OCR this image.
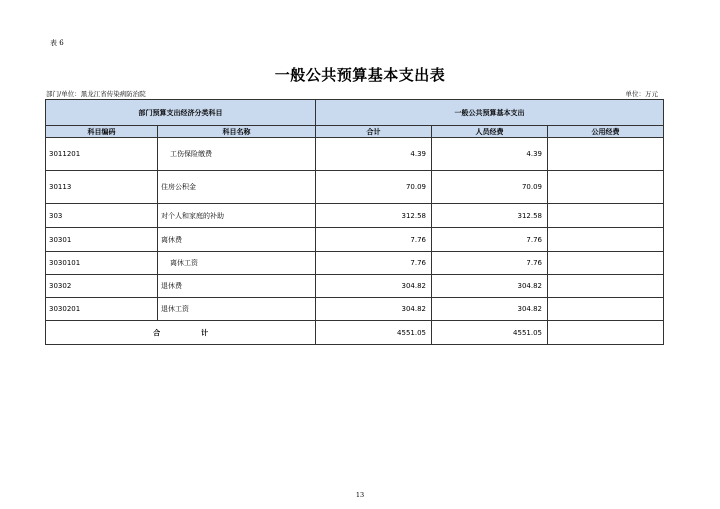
表 6
一般公共预算基本支出表
部门/单位：黑龙江省传染病防治院	单位：万元
部门预算支出经济分类科目		一般公共预算基本支出		
科目编码	科目名称	合计	人员经费	公用经费
3011201	工伤保险缴费	4.39	4.39	
30113	住房公积金	70.09	70.09	
303	对个人和家庭的补助	312.58	312.58	
30301	离休费	7.76	7.76	
3030101	离休工资	7.76	7.76	
30302	退休费	304.82	304.82	
3030201	退休工资	304.82	304.82	
合 计		4551.05	4551.05	
13
